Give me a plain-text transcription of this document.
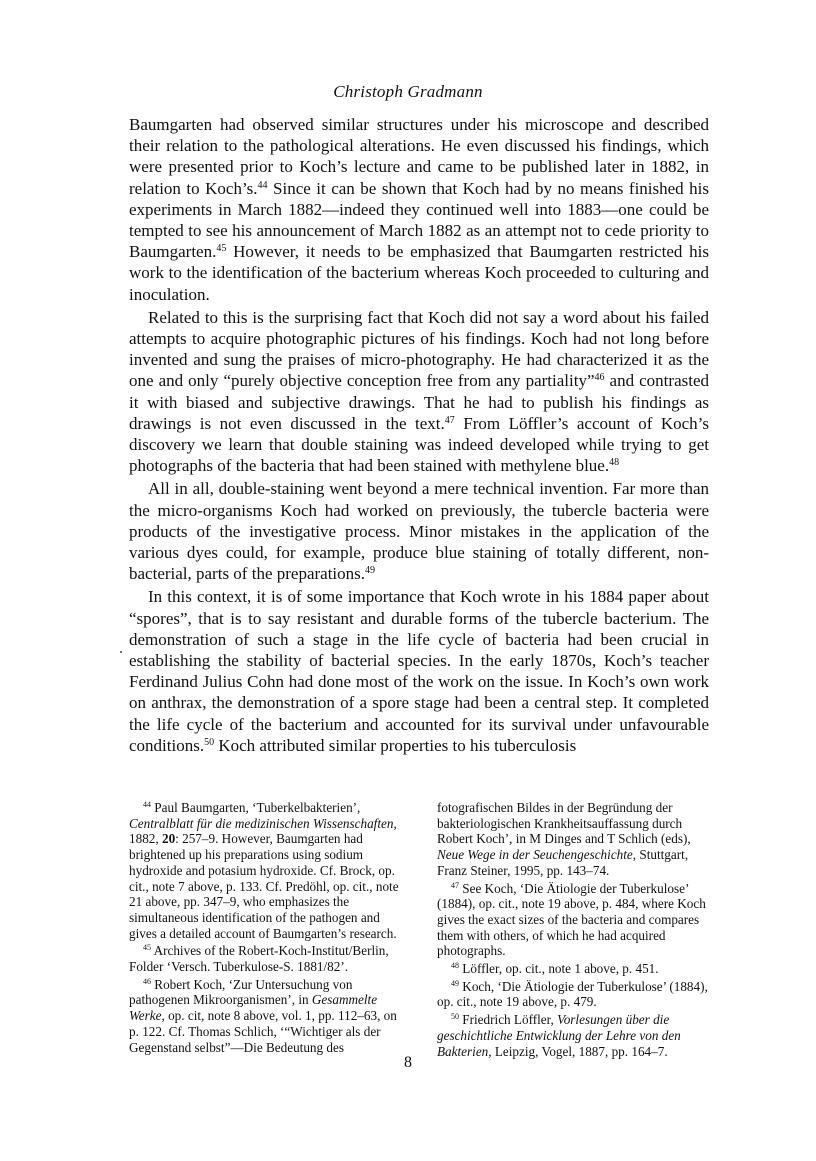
Christoph Gradmann

Baumgarten had observed similar structures under his microscope and described their relation to the pathological alterations. He even discussed his findings, which were presented prior to Koch’s lecture and came to be published later in 1882, in relation to Koch’s.$^{44}$ Since it can be shown that Koch had by no means finished his experiments in March 1882—indeed they continued well into 1883—one could be tempted to see his announcement of March 1882 as an attempt not to cede priority to Baumgarten.$^{45}$ However, it needs to be emphasized that Baumgarten restricted his work to the identification of the bacterium whereas Koch proceeded to culturing and inoculation.

Related to this is the surprising fact that Koch did not say a word about his failed attempts to acquire photographic pictures of his findings. Koch had not long before invented and sung the praises of micro-photography. He had characterized it as the one and only “purely objective conception free from any partiality”$^{46}$ and contrasted it with biased and subjective drawings. That he had to publish his findings as drawings is not even discussed in the text.$^{47}$ From Löffler’s account of Koch’s discovery we learn that double staining was indeed developed while trying to get photographs of the bacteria that had been stained with methylene blue.$^{48}$

All in all, double-staining went beyond a mere technical invention. Far more than the micro-organisms Koch had worked on previously, the tubercle bacteria were products of the investigative process. Minor mistakes in the application of the various dyes could, for example, produce blue staining of totally different, non-bacterial, parts of the preparations.$^{49}$

In this context, it is of some importance that Koch wrote in his 1884 paper about “spores”, that is to say resistant and durable forms of the tubercle bacterium. The demonstration of such a stage in the life cycle of bacteria had been crucial in establishing the stability of bacterial species. In the early 1870s, Koch’s teacher Ferdinand Julius Cohn had done most of the work on the issue. In Koch’s own work on anthrax, the demonstration of a spore stage had been a central step. It completed the life cycle of the bacterium and accounted for its survival under unfavourable conditions.$^{50}$ Koch attributed similar properties to his tuberculosis

$^{44}$ Paul Baumgarten, ‘Tuberkelbakterien’, Centralblatt für die medizinischen Wissenschaften, 1882, 20: 257–9. However, Baumgarten had brightened up his preparations using sodium hydroxide and potasium hydroxide. Cf. Brock, op. cit., note 7 above, p. 133. Cf. Predöhl, op. cit., note 21 above, pp. 347–9, who emphasizes the simultaneous identification of the pathogen and gives a detailed account of Baumgarten’s research.

$^{45}$ Archives of the Robert-Koch-Institut/Berlin, Folder ‘Versch. Tuberkulose-S. 1881/82’.

$^{46}$ Robert Koch, ‘Zur Untersuchung von pathogenen Mikroorganismen’, in Gesammelte Werke, op. cit, note 8 above, vol. 1, pp. 112–63, on p. 122. Cf. Thomas Schlich, ‘“Wichtiger als der Gegenstand selbst”—Die Bedeutung des

fotografischen Bildes in der Begründung der bakteriologischen Krankheitsauffassung durch Robert Koch’, in M Dinges and T Schlich (eds), Neue Wege in der Seuchengeschichte, Stuttgart, Franz Steiner, 1995, pp. 143–74.

$^{47}$ See Koch, ‘Die Ätiologie der Tuberkulose’ (1884), op. cit., note 19 above, p. 484, where Koch gives the exact sizes of the bacteria and compares them with others, of which he had acquired photographs.

$^{48}$ Löffler, op. cit., note 1 above, p. 451.

$^{49}$ Koch, ‘Die Ätiologie der Tuberkulose’ (1884), op. cit., note 19 above, p. 479.

$^{50}$ Friedrich Löffler, Vorlesungen über die geschichtliche Entwicklung der Lehre von den Bakterien, Leipzig, Vogel, 1887, pp. 164–7.

8
